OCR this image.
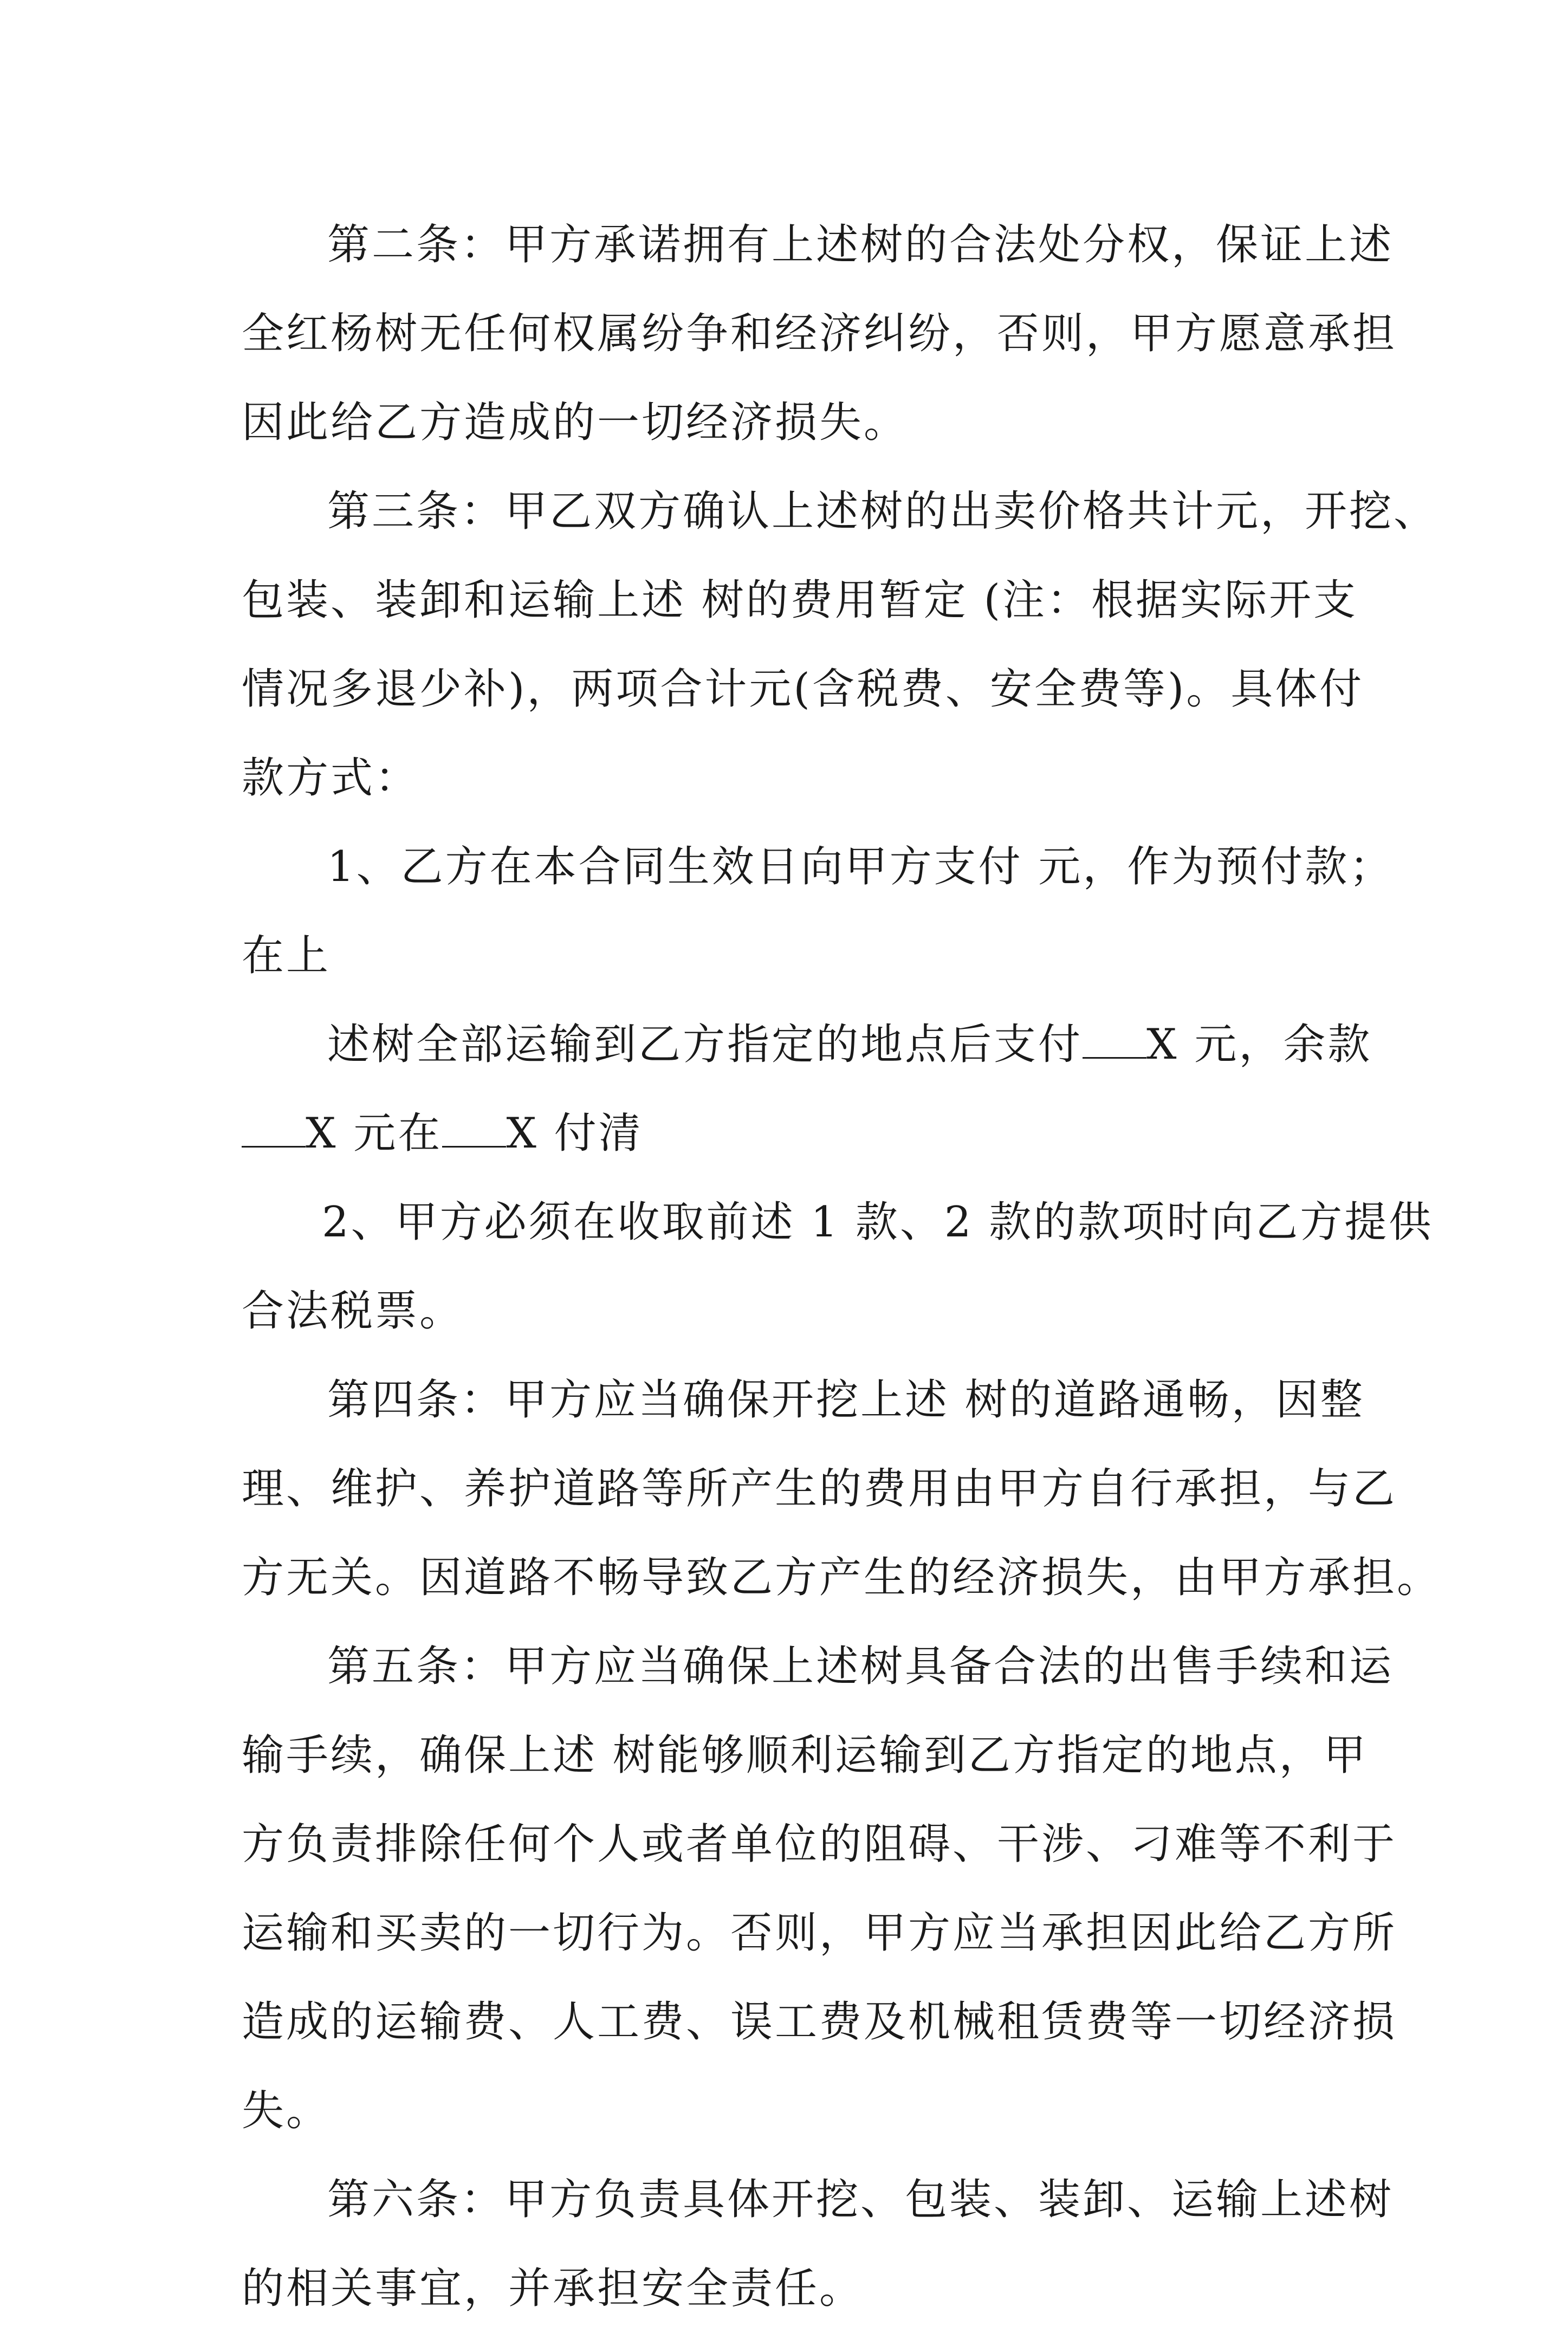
第二条：甲方承诺拥有上述树的合法处分权，保证上述
全红杨树无任何权属纷争和经济纠纷，否则，甲方愿意承担
因此给乙方造成的一切经济损失。
第三条：甲乙双方确认上述树的出卖价格共计元，开挖、
包装、装卸和运输上述 树的费用暂定 (注：根据实际开支
情况多退少补)，两项合计元(含税费、安全费等)。具体付
款方式：
1、乙方在本合同生效日向甲方支付 元，作为预付款；
在上
述树全部运输到乙方指定的地点后支付 X 元，余款
X 元在 X 付清
2、甲方必须在收取前述 1 款、2 款的款项时向乙方提供
合法税票。
第四条：甲方应当确保开挖上述 树的道路通畅，因整
理、维护、养护道路等所产生的费用由甲方自行承担，与乙
方无关。因道路不畅导致乙方产生的经济损失，由甲方承担。
第五条：甲方应当确保上述树具备合法的出售手续和运
输手续，确保上述 树能够顺利运输到乙方指定的地点，甲
方负责排除任何个人或者单位的阻碍、干涉、刁难等不利于
运输和买卖的一切行为。否则，甲方应当承担因此给乙方所
造成的运输费、人工费、误工费及机械租赁费等一切经济损
失。
第六条：甲方负责具体开挖、包装、装卸、运输上述树
的相关事宜，并承担安全责任。
